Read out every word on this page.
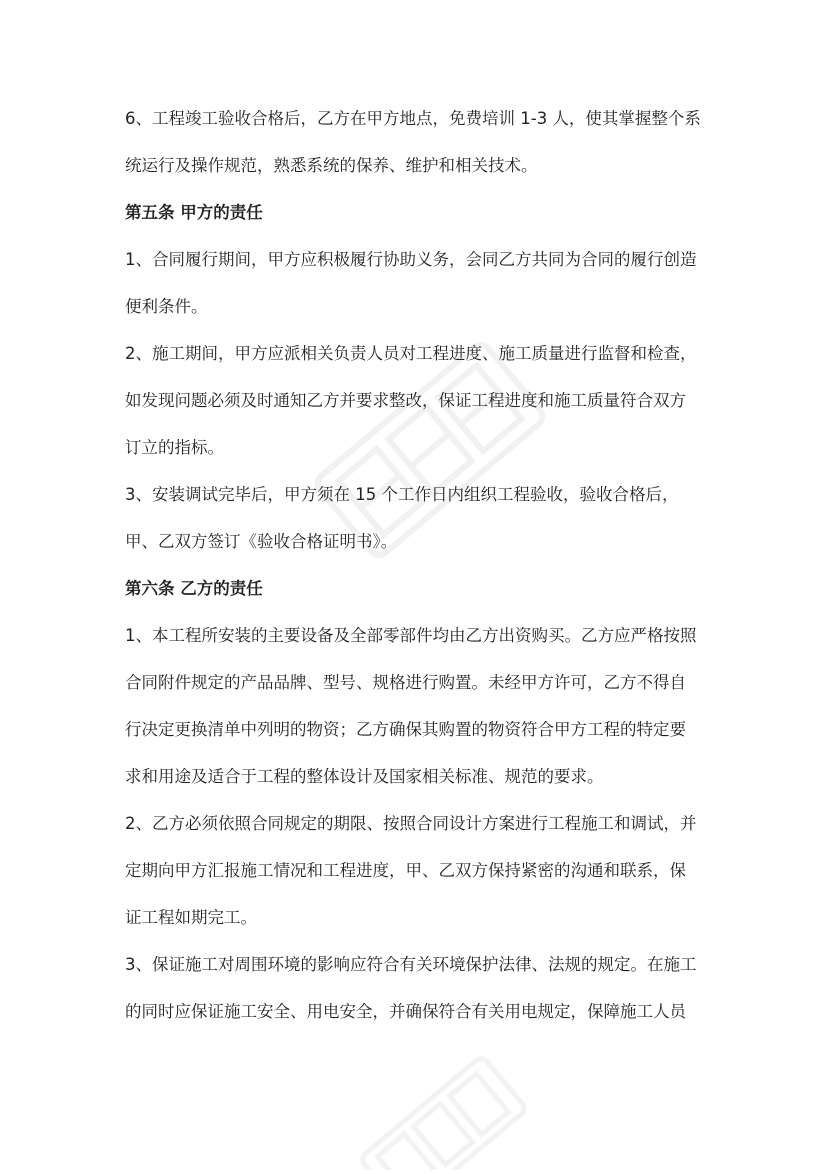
6、工程竣工验收合格后，乙方在甲方地点，免费培训 1-3 人，使其掌握整个系
统运行及操作规范，熟悉系统的保养、维护和相关技术。
第五条 甲方的责任
1、合同履行期间，甲方应积极履行协助义务，会同乙方共同为合同的履行创造
便利条件。
2、施工期间，甲方应派相关负责人员对工程进度、施工质量进行监督和检查，
如发现问题必须及时通知乙方并要求整改，保证工程进度和施工质量符合双方
订立的指标。
3、安装调试完毕后，甲方须在 15 个工作日内组织工程验收，验收合格后，
甲、乙双方签订《验收合格证明书》。
第六条 乙方的责任
1、本工程所安装的主要设备及全部零部件均由乙方出资购买。乙方应严格按照
合同附件规定的产品品牌、型号、规格进行购置。未经甲方许可，乙方不得自
行决定更换清单中列明的物资；乙方确保其购置的物资符合甲方工程的特定要
求和用途及适合于工程的整体设计及国家相关标准、规范的要求。
2、乙方必须依照合同规定的期限、按照合同设计方案进行工程施工和调试，并
定期向甲方汇报施工情况和工程进度，甲、乙双方保持紧密的沟通和联系，保
证工程如期完工。
3、保证施工对周围环境的影响应符合有关环境保护法律、法规的规定。在施工
的同时应保证施工安全、用电安全，并确保符合有关用电规定，保障施工人员
